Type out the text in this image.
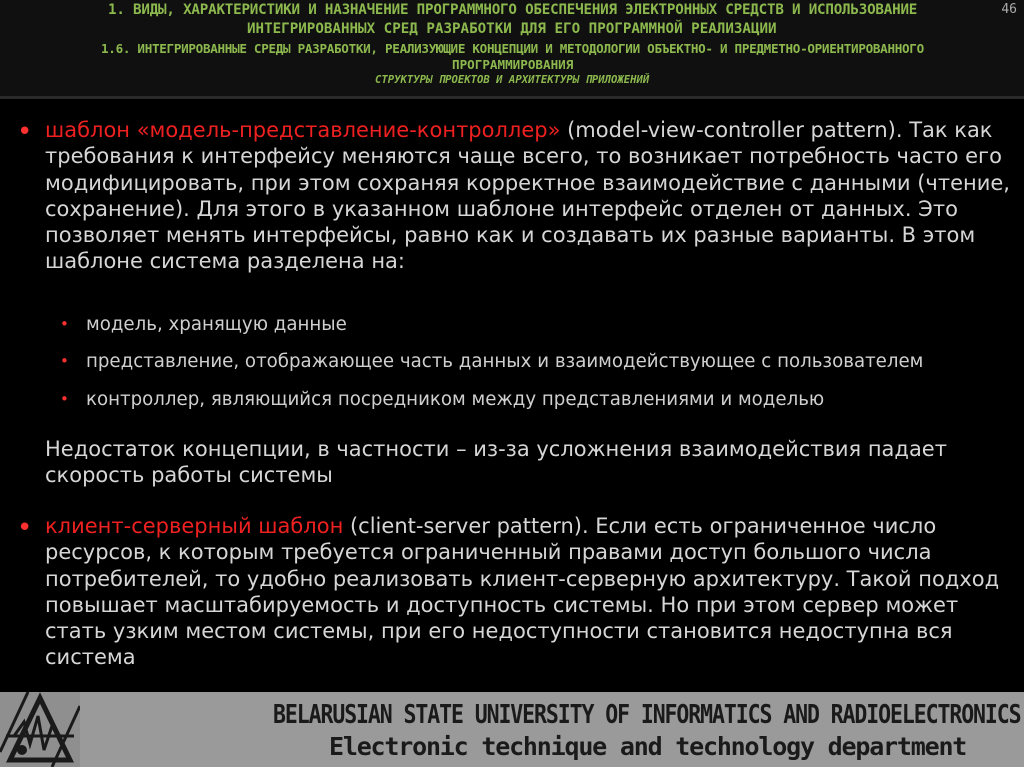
1. ВИДЫ, ХАРАКТЕРИСТИКИ И НАЗНАЧЕНИЕ ПРОГРАММНОГО ОБЕСПЕЧЕНИЯ ЭЛЕКТРОННЫХ СРЕДСТВ И ИСПОЛЬЗОВАНИЕ
ИНТЕГРИРОВАННЫХ СРЕД РАЗРАБОТКИ ДЛЯ ЕГО ПРОГРАММНОЙ РЕАЛИЗАЦИИ
1.6. ИНТЕГРИРОВАННЫЕ СРЕДЫ РАЗРАБОТКИ, РЕАЛИЗУЮЩИЕ КОНЦЕПЦИИ И МЕТОДОЛОГИИ ОБЪЕКТНО- И ПРЕДМЕТНО-ОРИЕНТИРОВАННОГО
ПРОГРАММИРОВАНИЯ
СТРУКТУРЫ ПРОЕКТОВ И АРХИТЕКТУРЫ ПРИЛОЖЕНИЙ
46
• шаблон «модель-представление-контроллер» (model-view-controller pattern). Так как требования к интерфейсу меняются чаще всего, то возникает потребность часто его модифицировать, при этом сохраняя корректное взаимодействие с данными (чтение, сохранение). Для этого в указанном шаблоне интерфейс отделен от данных. Это позволяет менять интерфейсы, равно как и создавать их разные варианты. В этом шаблоне система разделена на:
• модель, хранящую данные
• представление, отображающее часть данных и взаимодействующее с пользователем
• контроллер, являющийся посредником между представлениями и моделью
Недостаток концепции, в частности – из-за усложнения взаимодействия падает скорость работы системы
• клиент-серверный шаблон (client-server pattern). Если есть ограниченное число ресурсов, к которым требуется ограниченный правами доступ большого числа потребителей, то удобно реализовать клиент-серверную архитектуру. Такой подход повышает масштабируемость и доступность системы. Но при этом сервер может стать узким местом системы, при его недоступности становится недоступна вся система
BELARUSIAN STATE UNIVERSITY OF INFORMATICS AND RADIOELECTRONICS
Electronic technique and technology department
